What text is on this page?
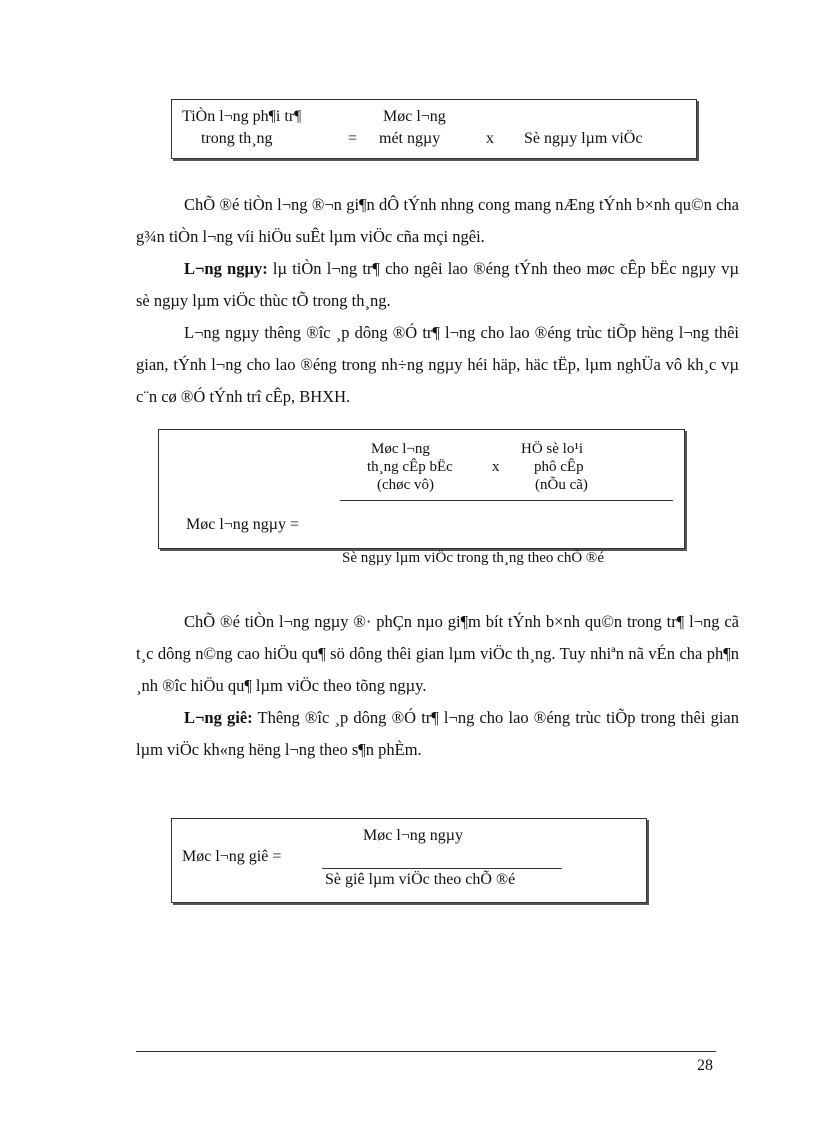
TiÒn l¬ng ph¶i tr¶
trong th¸ng	=
Møc l¬ng
mét ngµy	x Sè ngµy lµm viÖc
ChÕ ®é tiÒn l¬ng ®¬n gi¶n dÔ tÝnh nhng cong mang nÆng tÝnh b×nh qu©n cha g¾n tiÒn l¬ng víi hiÖu suÊt lµm viÖc cña mçi ngêi.
L¬ng ngµy: lµ tiÒn l¬ng tr¶ cho ngêi lao ®éng tÝnh theo møc cÊp bËc ngµy vµ sè ngµy lµm viÖc thùc tÕ trong th¸ng.
L¬ng ngµy thêng ®îc ¸p dông ®Ó tr¶ l¬ng cho lao ®éng trùc tiÕp hëng l¬ng thêi gian, tÝnh l¬ng cho lao ®éng trong nh÷ng ngµy héi häp, häc tËp, lµm nghÜa vô kh¸c vµ c¨n cø ®Ó tÝnh trî cÊp, BHXH.
Møc l¬ng
th¸ng cÊp bËc
(chøc vô)
x
HÖ sè lo¹i
phô cÊp
(nÕu cã)
Møc l¬ng ngµy =
Sè ngµy lµm viÖc trong th¸ng theo chÕ ®é
ChÕ ®é tiÒn l¬ng ngµy ®· phÇn nµo gi¶m bít tÝnh b×nh qu©n trong tr¶ l¬ng cã t¸c dông n©ng cao hiÖu qu¶ sö dông thêi gian lµm viÖc th¸ng. Tuy nhiªn nã vÉn cha ph¶n ¸nh ®îc hiÖu qu¶ lµm viÖc theo tõng ngµy.
L¬ng giê: Thêng ®îc ¸p dông ®Ó tr¶ l¬ng cho lao ®éng trùc tiÕp trong thêi gian lµm viÖc kh«ng hëng l¬ng theo s¶n phÈm.
Møc l¬ng ngµy
Møc l¬ng giê =
Sè giê lµm viÖc theo chÕ ®é
28
